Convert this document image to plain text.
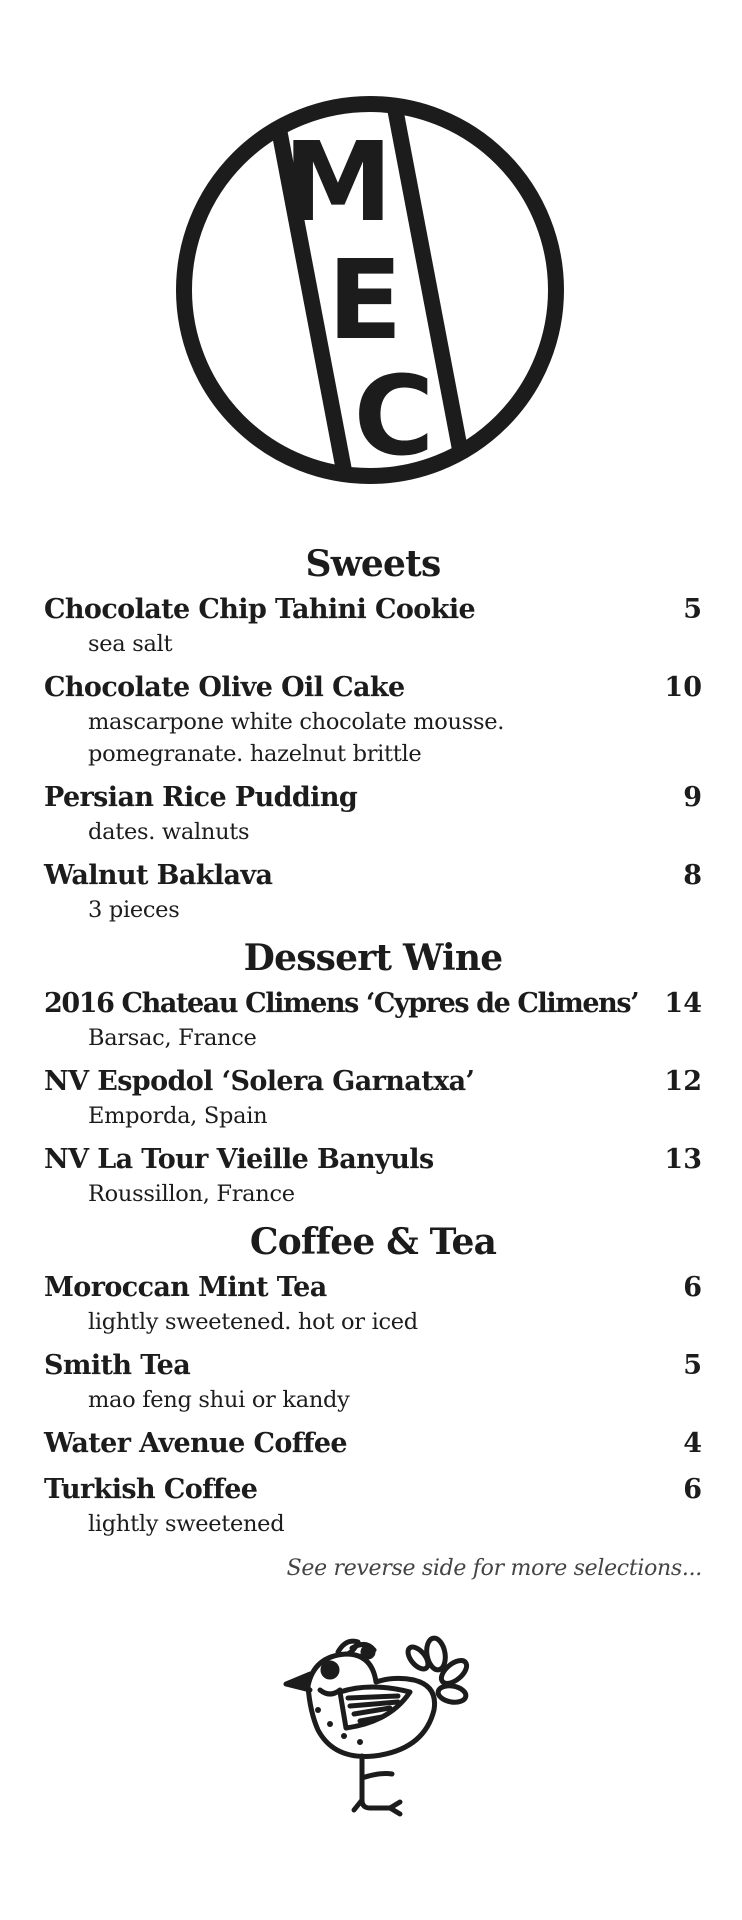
M
E
C
Sweets
Chocolate Chip Tahini Cookie	5
sea salt
Chocolate Olive Oil Cake	10
mascarpone white chocolate mousse.
pomegranate. hazelnut brittle
Persian Rice Pudding	9
dates. walnuts
Walnut Baklava	8
3 pieces
Dessert Wine
2016 Chateau Climens ‘Cypres de Climens’ 14
Barsac, France
NV Espodol ‘Solera Garnatxa’	12
Emporda, Spain
NV La Tour Vieille Banyuls	13
Roussillon, France
Coffee & Tea
Moroccan Mint Tea	6
lightly sweetened. hot or iced
Smith Tea	5
mao feng shui or kandy
Water Avenue Coffee	4
Turkish Coffee	6
lightly sweetened
See reverse side for more selections...
